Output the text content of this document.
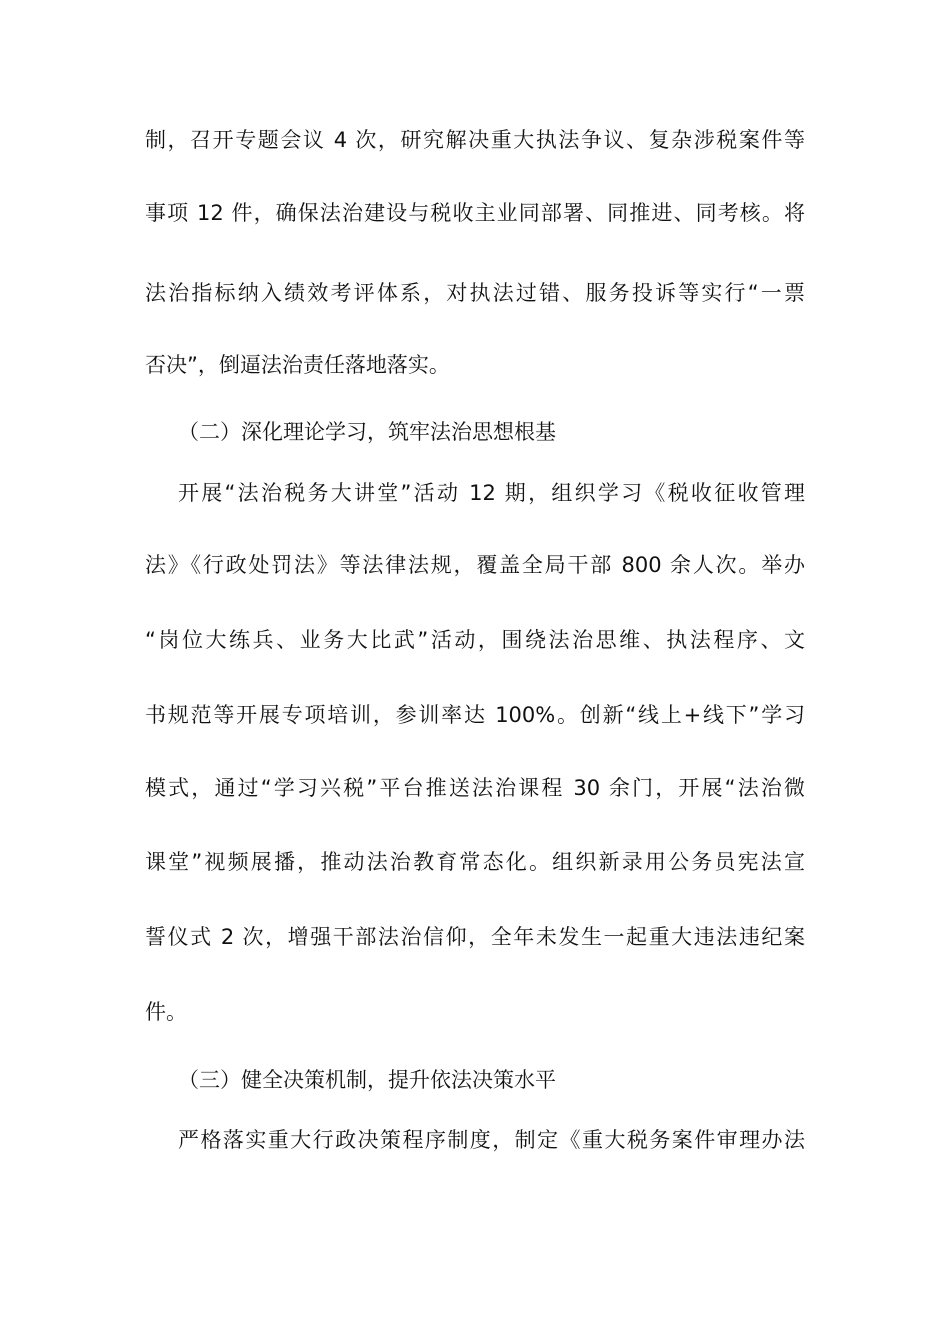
制，召开专题会议 4 次，研究解决重大执法争议、复杂涉税案件等
事项 12 件，确保法治建设与税收主业同部署、同推进、同考核。将
法治指标纳入绩效考评体系，对执法过错、服务投诉等实行“一票
否决”，倒逼法治责任落地落实。
（二）深化理论学习，筑牢法治思想根基
开展“法治税务大讲堂”活动 12 期，组织学习《税收征收管理
法》《行政处罚法》等法律法规，覆盖全局干部 800 余人次。举办
“岗位大练兵、业务大比武”活动，围绕法治思维、执法程序、文
书规范等开展专项培训，参训率达 100%。创新“线上+线下”学习
模式，通过“学习兴税”平台推送法治课程 30 余门，开展“法治微
课堂”视频展播，推动法治教育常态化。组织新录用公务员宪法宣
誓仪式 2 次，增强干部法治信仰，全年未发生一起重大违法违纪案
件。
（三）健全决策机制，提升依法决策水平
严格落实重大行政决策程序制度，制定《重大税务案件审理办法
